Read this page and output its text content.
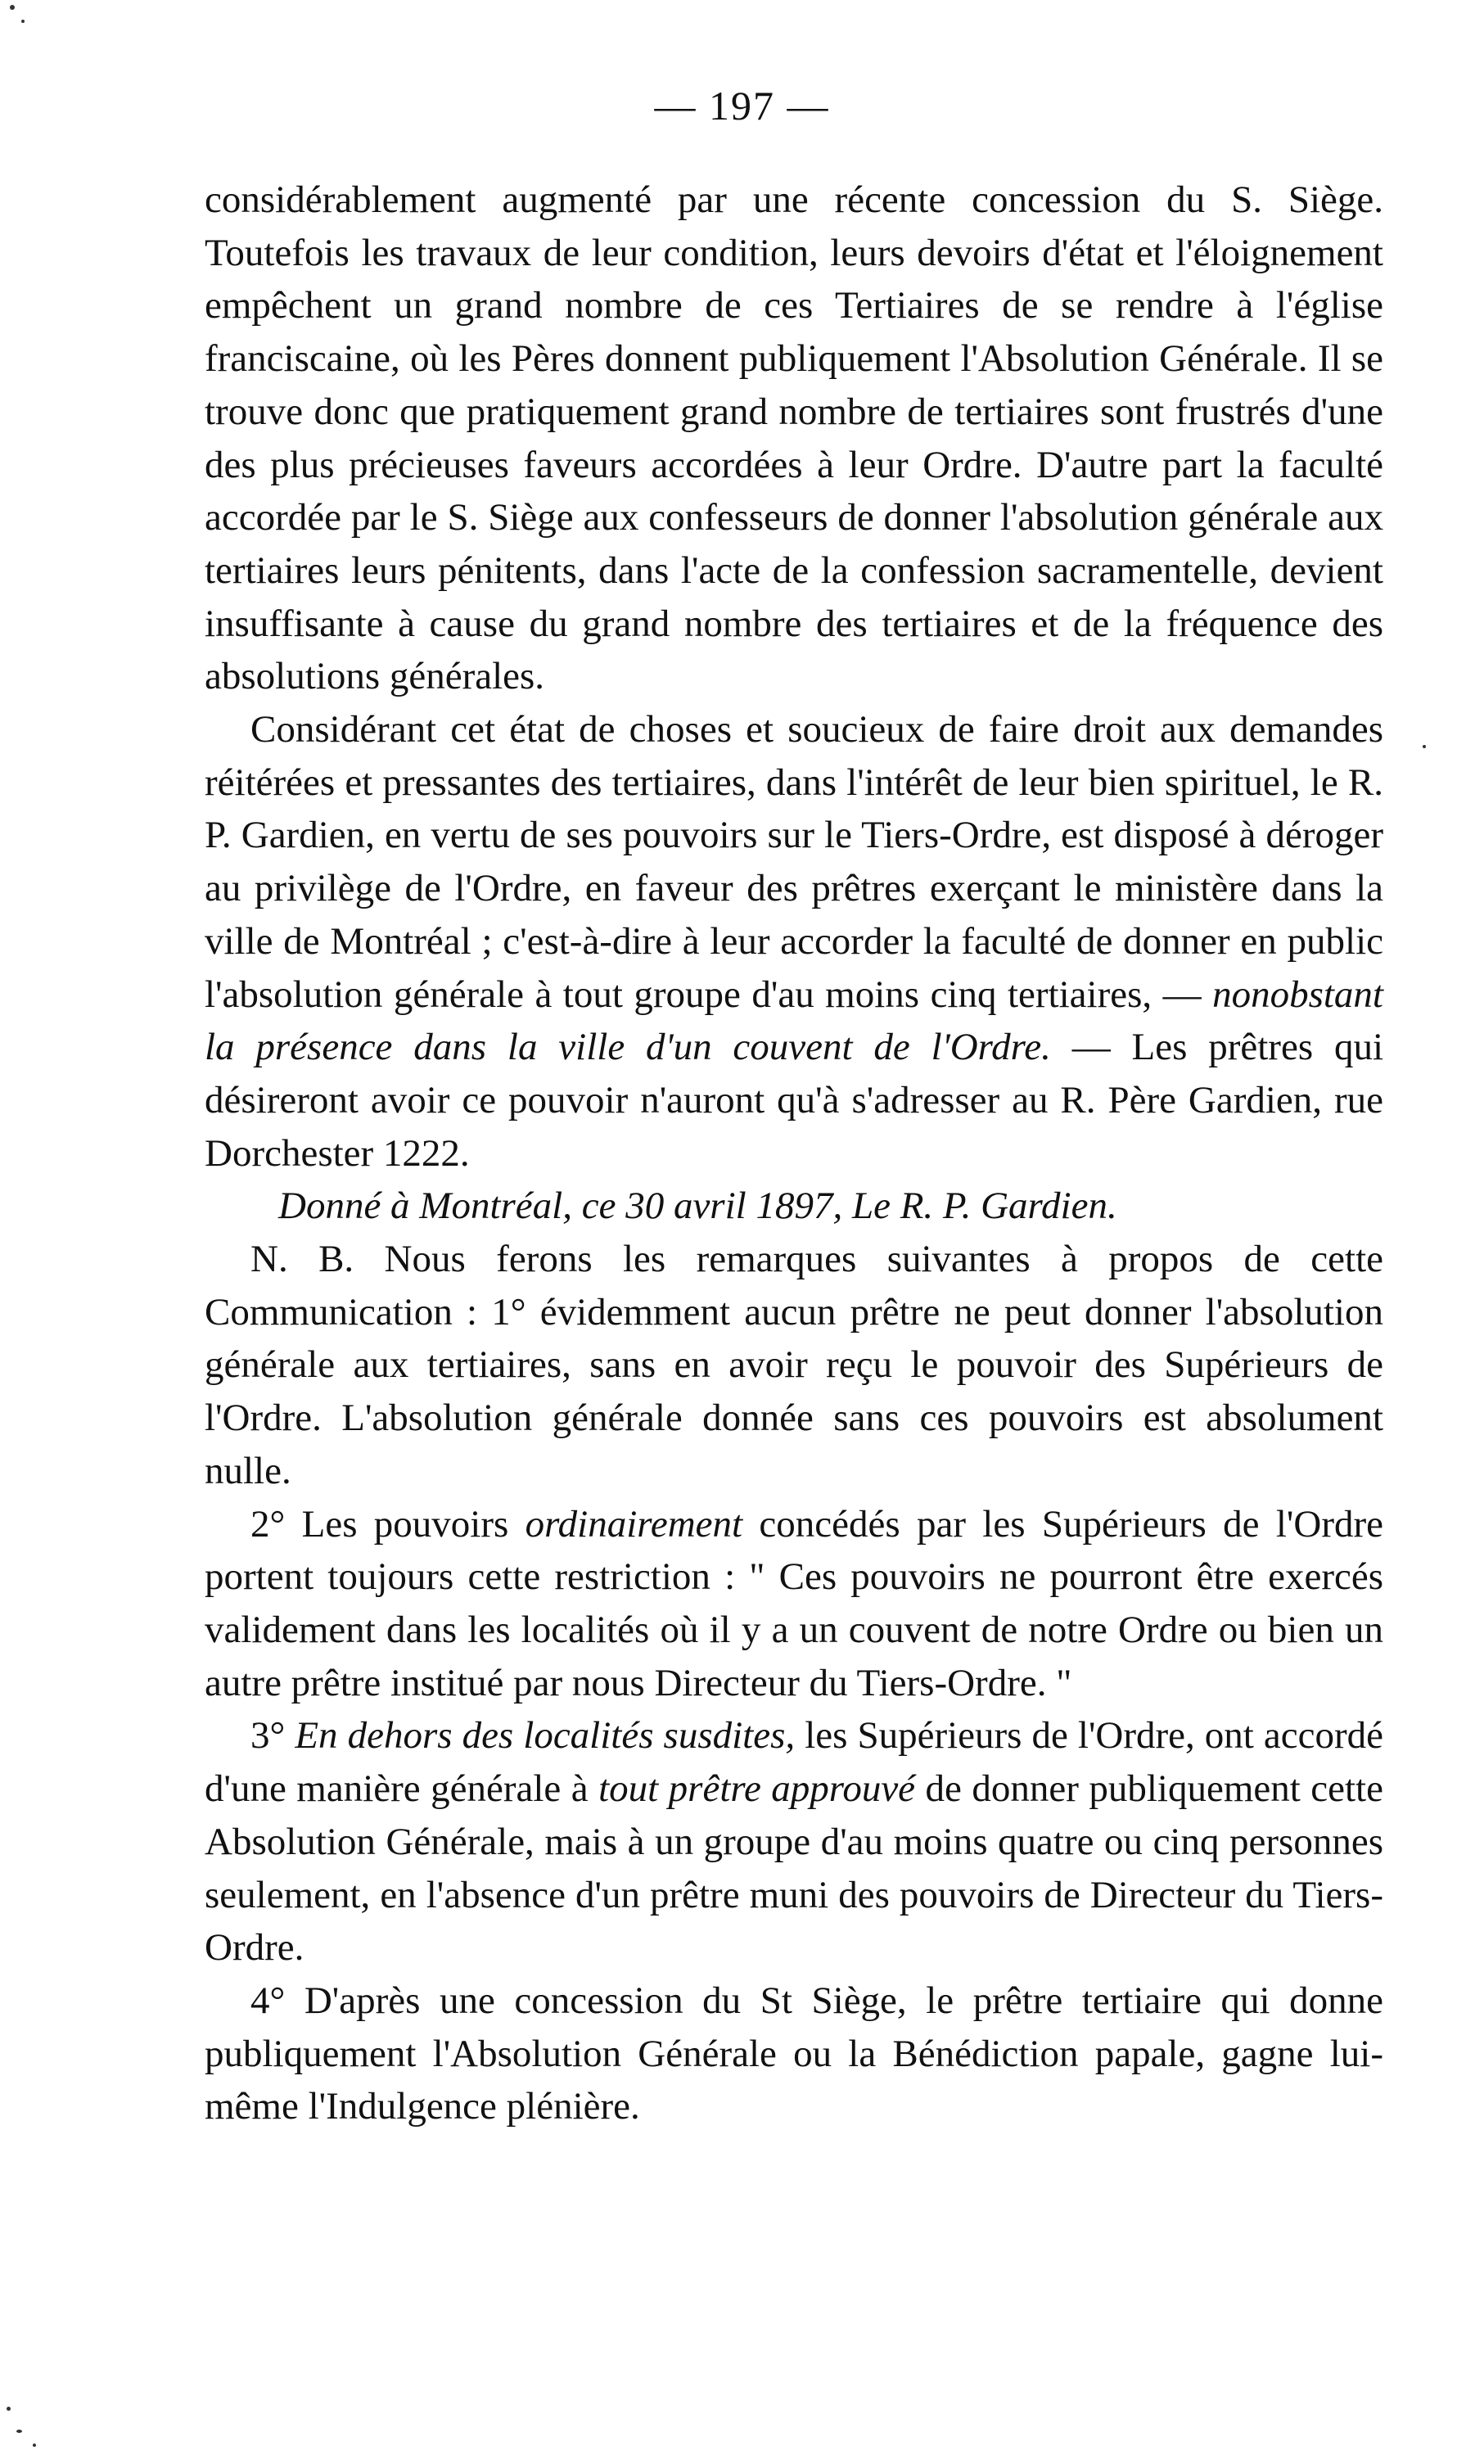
— 197 —

considérablement augmenté par une récente concession du S. Siège. Toutefois les travaux de leur condition, leurs devoirs d'état et l'éloignement empêchent un grand nombre de ces Tertiaires de se rendre à l'église franciscaine, où les Pères donnent publiquement l'Absolution Générale. Il se trouve donc que pratiquement grand nombre de tertiaires sont frustrés d'une des plus précieuses faveurs accordées à leur Ordre. D'autre part la faculté accordée par le S. Siège aux confesseurs de donner l'absolution générale aux tertiaires leurs pénitents, dans l'acte de la confession sacramentelle, devient insuffisante à cause du grand nombre des tertiaires et de la fréquence des absolutions générales.

Considérant cet état de choses et soucieux de faire droit aux demandes réitérées et pressantes des tertiaires, dans l'intérêt de leur bien spirituel, le R. P. Gardien, en vertu de ses pouvoirs sur le Tiers-Ordre, est disposé à déroger au privilège de l'Ordre, en faveur des prêtres exerçant le ministère dans la ville de Montréal ; c'est-à-dire à leur accorder la faculté de donner en public l'absolution générale à tout groupe d'au moins cinq tertiaires, — nonobstant la présence dans la ville d'un couvent de l'Ordre. — Les prêtres qui désireront avoir ce pouvoir n'auront qu'à s'adresser au R. Père Gardien, rue Dorchester 1222.

Donné à Montréal, ce 30 avril 1897, Le R. P. Gardien.

N. B. Nous ferons les remarques suivantes à propos de cette Communication : 1° évidemment aucun prêtre ne peut donner l'absolution générale aux tertiaires, sans en avoir reçu le pouvoir des Supérieurs de l'Ordre. L'absolution générale donnée sans ces pouvoirs est absolument nulle.

2° Les pouvoirs ordinairement concédés par les Supérieurs de l'Ordre portent toujours cette restriction : " Ces pouvoirs ne pourront être exercés validement dans les localités où il y a un couvent de notre Ordre ou bien un autre prêtre institué par nous Directeur du Tiers-Ordre. "

3° En dehors des localités susdites, les Supérieurs de l'Ordre, ont accordé d'une manière générale à tout prêtre approuvé de donner publiquement cette Absolution Générale, mais à un groupe d'au moins quatre ou cinq personnes seulement, en l'absence d'un prêtre muni des pouvoirs de Directeur du Tiers-Ordre.

4° D'après une concession du St Siège, le prêtre tertiaire qui donne publiquement l'Absolution Générale ou la Bénédiction papale, gagne lui-même l'Indulgence plénière.
